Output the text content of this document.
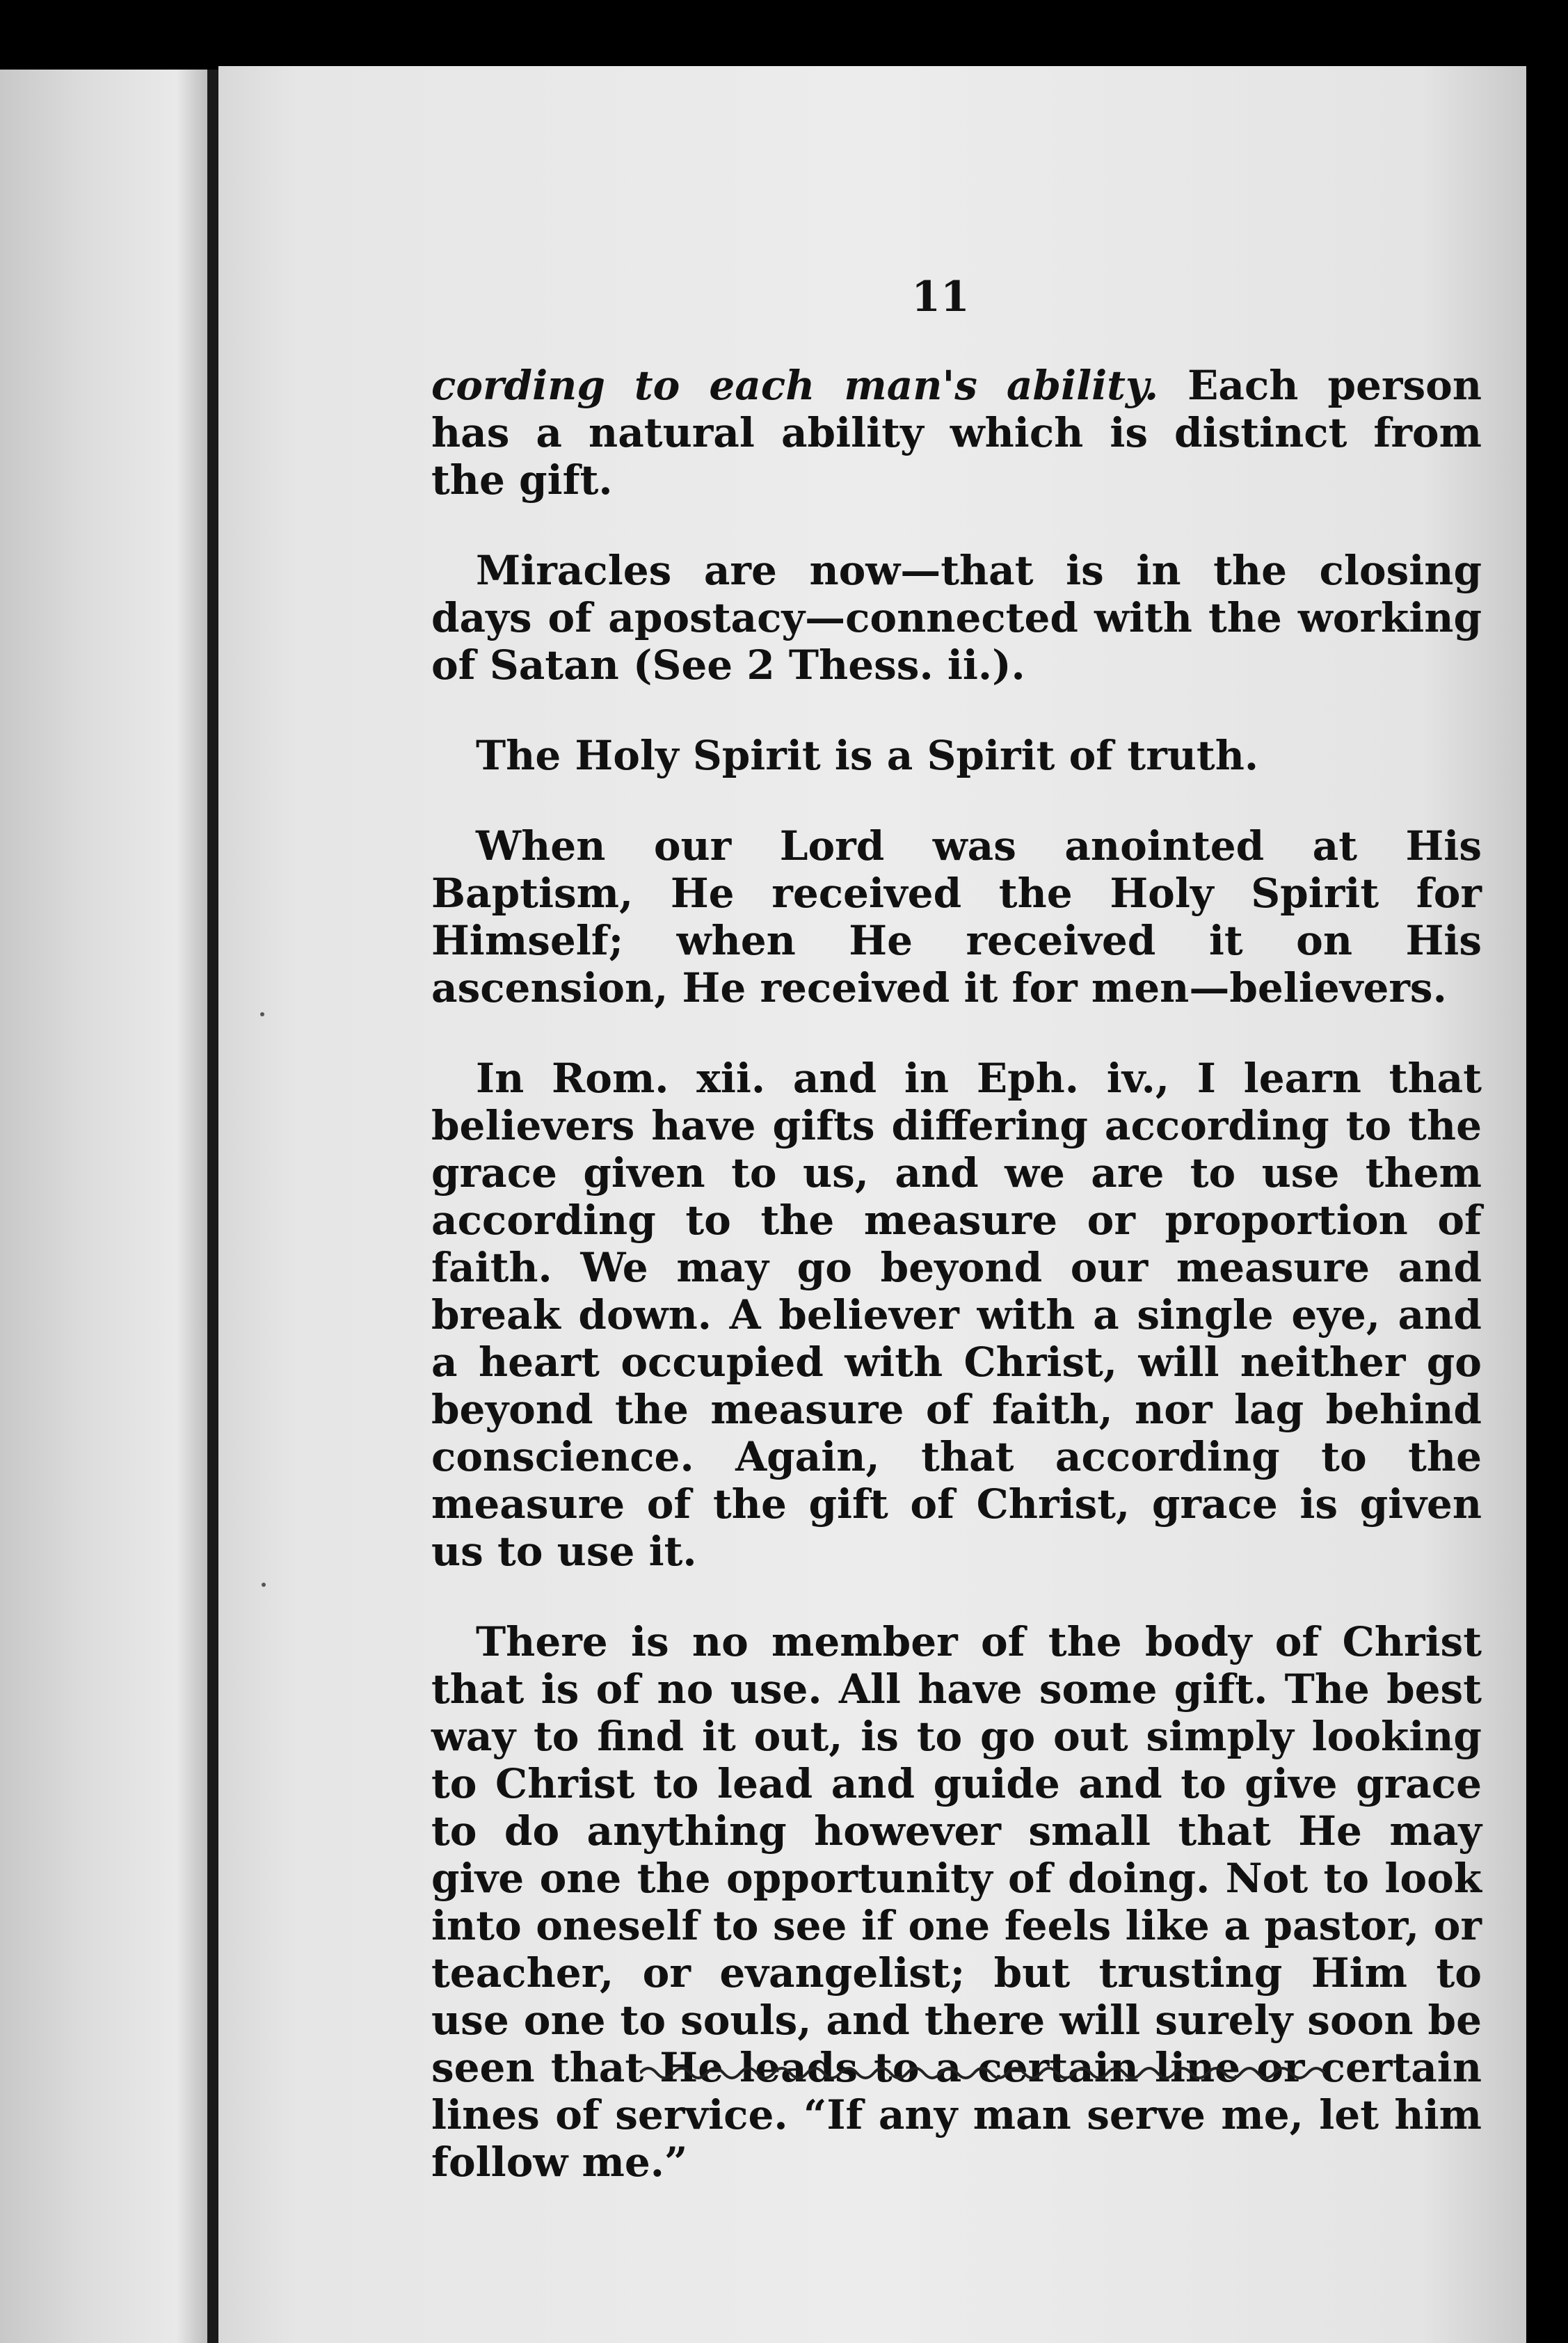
11

cording to each man's ability. Each person has a natural ability which is distinct from the gift.

Miracles are now—that is in the closing days of apostacy—connected with the working of Satan (See 2 Thess. ii.).

The Holy Spirit is a Spirit of truth.

When our Lord was anointed at His Baptism, He received the Holy Spirit for Himself; when He received it on His ascension, He received it for men—believers.

In Rom. xii. and in Eph. iv., I learn that believers have gifts differing according to the grace given to us, and we are to use them according to the measure or proportion of faith. We may go beyond our measure and break down. A believer with a single eye, and a heart occupied with Christ, will neither go beyond the measure of faith, nor lag behind conscience. Again, that according to the measure of the gift of Christ, grace is given us to use it.

There is no member of the body of Christ that is of no use. All have some gift. The best way to find it out, is to go out simply looking to Christ to lead and guide and to give grace to do anything however small that He may give one the opportunity of doing. Not to look into oneself to see if one feels like a pastor, or teacher, or evangelist; but trusting Him to use one to souls, and there will surely soon be seen that He leads to a certain line or certain lines of service. “If any man serve me, let him follow me.”
